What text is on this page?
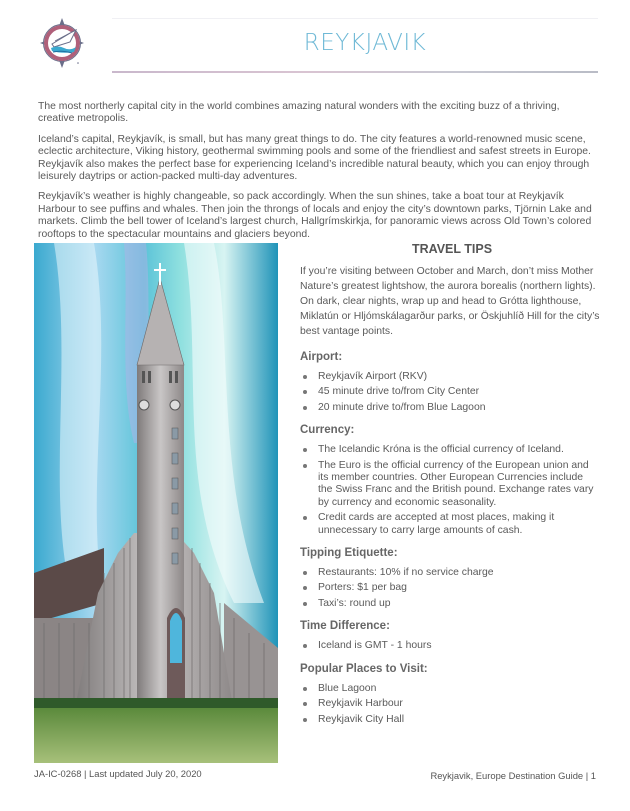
REYKJAVIK

The most northerly capital city in the world combines amazing natural wonders with the exciting buzz of a thriving, creative metropolis.

Iceland’s capital, Reykjavík, is small, but has many great things to do. The city features a world-renowned music scene, eclectic architecture, Viking history, geothermal swimming pools and some of the friendliest and safest streets in Europe. Reykjavík also makes the perfect base for experiencing Iceland’s incredible natural beauty, which you can enjoy through leisurely daytrips or action-packed multi-day adventures.

Reykjavík’s weather is highly changeable, so pack accordingly. When the sun shines, take a boat tour at Reykjavík Harbour to see puffins and whales. Then join the throngs of locals and enjoy the city’s downtown parks, Tjörnin Lake and markets. Climb the bell tower of Iceland’s largest church, Hallgrímskirkja, for panoramic views across Old Town’s colored rooftops to the spectacular mountains and glaciers beyond.

TRAVEL TIPS

If you’re visiting between October and March, don’t miss Mother Nature’s greatest lightshow, the aurora borealis (northern lights). On dark, clear nights, wrap up and head to Grótta lighthouse, Miklatún or Hljómskálagarður parks, or Öskjuhlíð Hill for the city’s best vantage points.

Airport:
Reykjavík Airport (RKV)
45 minute drive to/from City Center
20 minute drive to/from Blue Lagoon
Currency:
The Icelandic Króna is the official currency of Iceland.
The Euro is the official currency of the European union and its member countries. Other European Currencies include the Swiss Franc and the British pound. Exchange rates vary by currency and economic seasonality.
Credit cards are accepted at most places, making it unnecessary to carry large amounts of cash.
Tipping Etiquette:
Restaurants: 10% if no service charge
Porters: $1 per bag
Taxi’s: round up
Time Difference:
Iceland is GMT - 1 hours
Popular Places to Visit:
Blue Lagoon
Reykjavik Harbour
Reykjavik City Hall
JA-IC-0268 | Last updated July 20, 2020	Reykjavik, Europe Destination Guide | 1
